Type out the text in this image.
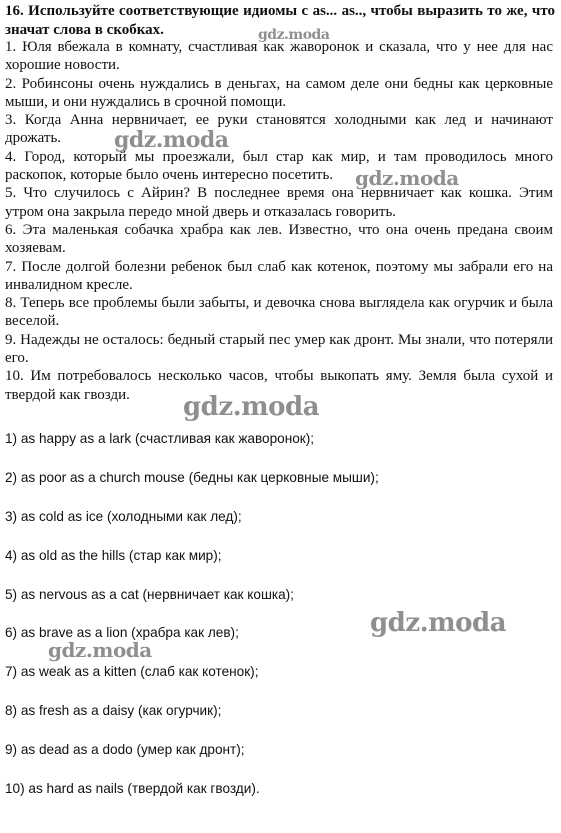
16. Используйте соответствующие идиомы с as... as.., чтобы выразить то же, что значат слова в скобках.

1. Юля вбежала в комнату, счастливая как жаворонок и сказала, что у нее для нас хорошие новости.

2. Робинсоны очень нуждались в деньгах, на самом деле они бедны как церковные мыши, и они нуждались в срочной помощи.

3. Когда Анна нервничает, ее руки становятся холодными как лед и начинают дрожать.

4. Город, который мы проезжали, был стар как мир, и там проводилось много раскопок, которые было очень интересно посетить.

5. Что случилось с Айрин? В последнее время она нервничает как кошка. Этим утром она закрыла передо мной дверь и отказалась говорить.

6. Эта маленькая собачка храбра как лев. Известно, что она очень предана своим хозяевам.

7. После долгой болезни ребенок был слаб как котенок, поэтому мы забрали его на инвалидном кресле.

8. Теперь все проблемы были забыты, и девочка снова выглядела как огурчик и была веселой.

9. Надежды не осталось: бедный старый пес умер как дронт. Мы знали, что потеряли его.

10. Им потребовалось несколько часов, чтобы выкопать яму. Земля была сухой и твердой как гвозди.

1) as happy as a lark (счастливая как жаворонок);

2) as poor as a church mouse (бедны как церковные мыши);

3) as cold as ice (холодными как лед);

4) as old as the hills (стар как мир);

5) as nervous as a cat (нервничает как кошка);

6) as brave as a lion (храбра как лев);

7) as weak as a kitten (слаб как котенок);

8) as fresh as a daisy (как огурчик);

9) as dead as a dodo (умер как дронт);

10) as hard as nails (твердой как гвозди).

gdz.moda
gdz.moda
gdz.moda
gdz.moda
gdz.moda
gdz.moda
